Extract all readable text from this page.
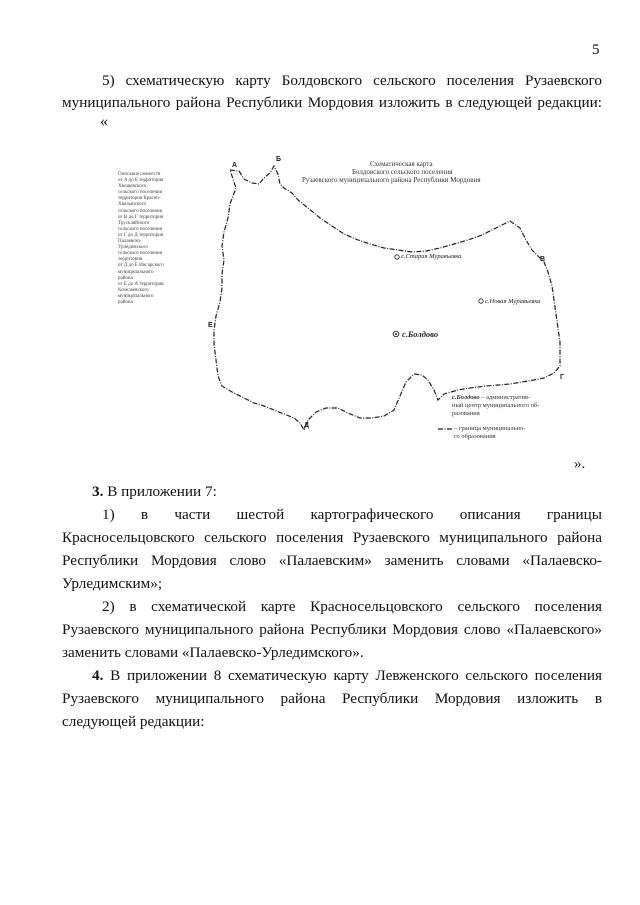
5
5) схематическую карту Болдовского сельского поселения Рузаевского
муниципального района Республики Мордовия изложить в следующей редакции:
«
Схематическая карта
Болдовского сельского поселения
Рузаевского муниципального района Республики Мордовия
Описание смежеств
от А до Б территория
Хвощевского
сельского поселения
территория Красно-
Хвалынского
сельского поселения
от В до Г территория
Трускляйского
сельского поселения
от Г до Д территория
Палаевско-
Урледимского
сельского поселения
территория
от Д до Е Инсарского
муниципального
района
от Е до А территория
Кочелаевского
муниципального
района
А
Б
В
Г
Д
Е
с.Старая Муравьевка
с.Новая Муравьевка
с.Болдово
с.Болдово – административ-
ный центр муниципального об-
разования
– граница муниципально-
го образования
».
3. В приложении 7:
1) в части шестой картографического описания границы
Красносельцовского сельского поселения Рузаевского муниципального района
Республики Мордовия слово «Палаевским» заменить словами «Палаевско-
Урледимским»;
2) в схематической карте Красносельцовского сельского поселения
Рузаевского муниципального района Республики Мордовия слово «Палаевского»
заменить словами «Палаевско-Урледимского».
4. В приложении 8 схематическую карту Левженского сельского поселения
Рузаевского муниципального района Республики Мордовия изложить в
следующей редакции:
